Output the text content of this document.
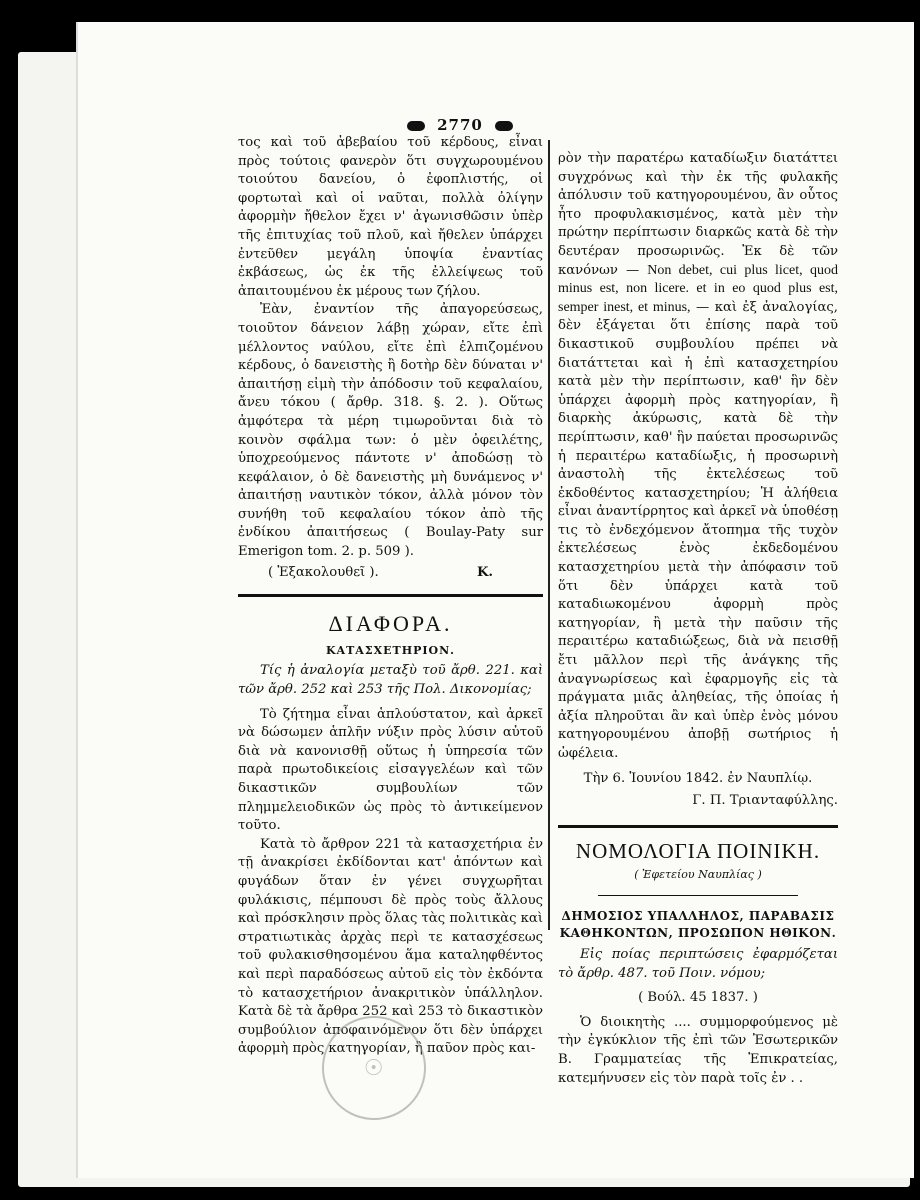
2770

τος καὶ τοῦ ἀβεβαίου τοῦ κέρδους, εἶναι πρὸς τούτοις φανερὸν ὅτι συγχωρουμένου τοιούτου δανείου, ὁ ἐφοπλιστής, οἱ φορτωταὶ καὶ οἱ ναῦται, πολλὰ ὀλίγην ἀφορμὴν ἤθελον ἔχει ν' ἀγωνισθῶσιν ὑπὲρ τῆς ἐπιτυχίας τοῦ πλοῦ, καὶ ἤθελεν ὑπάρχει ἐντεῦθεν μεγάλη ὑποψία ἐναντίας ἐκβάσεως, ὡς ἐκ τῆς ἐλλείψεως τοῦ ἀπαιτουμένου ἐκ μέρους των ζήλου.

Ἐὰν, ἐναντίον τῆς ἀπαγορεύσεως, τοιοῦτον δάνειον λάβῃ χώραν, εἴτε ἐπὶ μέλλοντος ναύλου, εἴτε ἐπὶ ἐλπιζομένου κέρδους, ὁ δανειστὴς ἢ δοτὴρ δὲν δύναται ν' ἀπαιτήσῃ εἰμὴ τὴν ἀπόδοσιν τοῦ κεφαλαίου, ἄνευ τόκου ( ἄρθρ. 318. §. 2. ). Οὕτως ἀμφότερα τὰ μέρη τιμωροῦνται διὰ τὸ κοινὸν σφάλμα των: ὁ μὲν ὀφειλέτης, ὑποχρεούμενος πάντοτε ν' ἀποδώσῃ τὸ κεφάλαιον, ὁ δὲ δανειστὴς μὴ δυνάμενος ν' ἀπαιτήσῃ ναυτικὸν τόκον, ἀλλὰ μόνον τὸν συνήθη τοῦ κεφαλαίου τόκον ἀπὸ τῆς ἐνδίκου ἀπαιτήσεως ( Boulay-Paty sur Emerigon tom. 2. p. 509 ).

( Ἐξακολουθεῖ ).	Κ.
ΔΙΑΦΟΡΑ.
ΚΑΤΑΣΧΕΤΗΡΙΟΝ.

Τίς ἡ ἀναλογία μεταξὺ τοῦ ἄρθ. 221. καὶ τῶν ἄρθ. 252 καὶ 253 τῆς Πολ. Δικονομίας;

Τὸ ζήτημα εἶναι ἁπλούστατον, καὶ ἀρκεῖ νὰ δώσωμεν ἁπλῆν νύξιν πρὸς λύσιν αὐτοῦ διὰ νὰ κανονισθῇ οὕτως ἡ ὑπηρεσία τῶν παρὰ πρωτοδικείοις εἰσαγγελέων καὶ τῶν δικαστικῶν συμβουλίων τῶν πλημμελειοδικῶν ὡς πρὸς τὸ ἀντικείμενον τοῦτο.

Κατὰ τὸ ἄρθρον 221 τὰ κατασχετήρια ἐν τῇ ἀνακρίσει ἐκδίδονται κατ' ἀπόντων καὶ φυγάδων ὅταν ἐν γένει συγχωρῆται φυλάκισις, πέμπουσι δὲ πρὸς τοὺς ἄλλους καὶ πρόσκλησιν πρὸς ὅλας τὰς πολιτικὰς καὶ στρατιωτικὰς ἀρχὰς περὶ τε κατασχέσεως τοῦ φυλακισθησομένου ἅμα καταληφθέντος καὶ περὶ παραδόσεως αὐτοῦ εἰς τὸν ἐκδόντα τὸ κατασχετήριον ἀνακριτικὸν ὑπάλληλον. Κατὰ δὲ τὰ ἄρθρα 252 καὶ 253 τὸ δικαστικὸν συμβούλιον ἀποφαινόμενον ὅτι δὲν ὑπάρχει ἀφορμὴ πρὸς κατηγορίαν, ἢ παῦον πρὸς και-

ρὸν τὴν παρατέρω καταδίωξιν διατάττει συγχρόνως καὶ τὴν ἐκ τῆς φυλακῆς ἀπόλυσιν τοῦ κατηγορουμένου, ἂν οὗτος ἦτο προφυλακισμένος, κατὰ μὲν τὴν πρώτην περίπτωσιν διαρκῶς κατὰ δὲ τὴν δευτέραν προσωρινῶς. Ἐκ δὲ τῶν κανόνων — Non debet, cui plus licet, quod minus est, non licere. et in eo quod plus est, semper inest, et minus, — καὶ ἐξ ἀναλογίας, δὲν ἐξάγεται ὅτι ἐπίσης παρὰ τοῦ δικαστικοῦ συμβουλίου πρέπει νὰ διατάττεται καὶ ἡ ἐπὶ κατασχετηρίου κατὰ μὲν τὴν περίπτωσιν, καθ' ἣν δὲν ὑπάρχει ἀφορμὴ πρὸς κατηγορίαν, ἢ διαρκὴς ἀκύρωσις, κατὰ δὲ τὴν περίπτωσιν, καθ' ἣν παύεται προσωρινῶς ἡ περαιτέρω καταδίωξις, ἡ προσωρινὴ ἀναστολὴ τῆς ἐκτελέσεως τοῦ ἐκδοθέντος κατασχετηρίου; Ἡ ἀλήθεια εἶναι ἀναντίρρητος καὶ ἀρκεῖ νὰ ὑποθέσῃ τις τὸ ἐνδεχόμενον ἄτοπημα τῆς τυχὸν ἐκτελέσεως ἑνὸς ἐκδεδομένου κατασχετηρίου μετὰ τὴν ἀπόφασιν τοῦ ὅτι δὲν ὑπάρχει κατὰ τοῦ καταδιωκομένου ἀφορμὴ πρὸς κατηγορίαν, ἢ μετὰ τὴν παῦσιν τῆς περαιτέρω καταδιώξεως, διὰ νὰ πεισθῇ ἔτι μᾶλλον περὶ τῆς ἀνάγκης τῆς ἀναγνωρίσεως καὶ ἐφαρμογῆς εἰς τὰ πράγματα μιᾶς ἀληθείας, τῆς ὁποίας ἡ ἀξία πληροῦται ἂν καὶ ὑπὲρ ἑνὸς μόνου κατηγορουμένου ἀποβῇ σωτήριος ἡ ὠφέλεια.

Τὴν 6. Ἰουνίου 1842. ἐν Ναυπλίῳ.

Γ. Π. Τριανταφύλλης.

ΝΟΜΟΛΟΓΙΑ ΠΟΙΝΙΚΗ.
( Ἐφετείου Ναυπλίας )
ΔΗΜΟΣΙΟΣ ΥΠΑΛΛΗΛΟΣ, ΠΑΡΑΒΑΣΙΣ ΚΑΘΗΚΟΝΤΩΝ, ΠΡΟΣΩΠΟΝ ΗΘΙΚΟΝ.

Εἰς ποίας περιπτώσεις ἐφαρμόζεται τὸ ἄρθρ. 487. τοῦ Ποιν. νόμου;

( Βούλ. 45 1837. )

Ὁ διοικητὴς .... συμμορφούμενος μὲ τὴν ἐγκύκλιον τῆς ἐπὶ τῶν Ἐσωτερικῶν Β. Γραμματείας τῆς Ἐπικρατείας, κατεμήνυσεν εἰς τὸν παρὰ τοῖς ἐν . .

☉
